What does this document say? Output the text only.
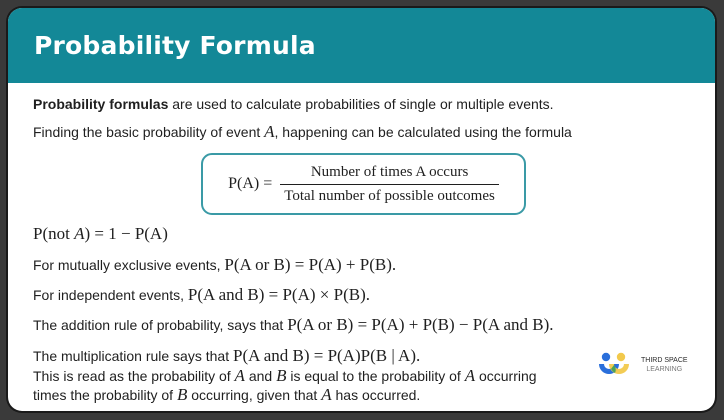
Probability Formula
Probability formulas are used to calculate probabilities of single or multiple events.
Finding the basic probability of event A, happening can be calculated using the formula
$P(A) = \frac{\text{Number of times A occurs}}{\text{Total number of possible outcomes}}$
P(not A) = 1 − P(A)
For mutually exclusive events, P(A or B) = P(A) + P(B).
For independent events, P(A and B) = P(A) × P(B).
The addition rule of probability, says that P(A or B) = P(A) + P(B) − P(A and B).
The multiplication rule says that P(A and B) = P(A)P(B | A).
This is read as the probability of A and B is equal to the probability of A occurring
times the probability of B occurring, given that A has occurred.
THIRD SPACE
LEARNING
